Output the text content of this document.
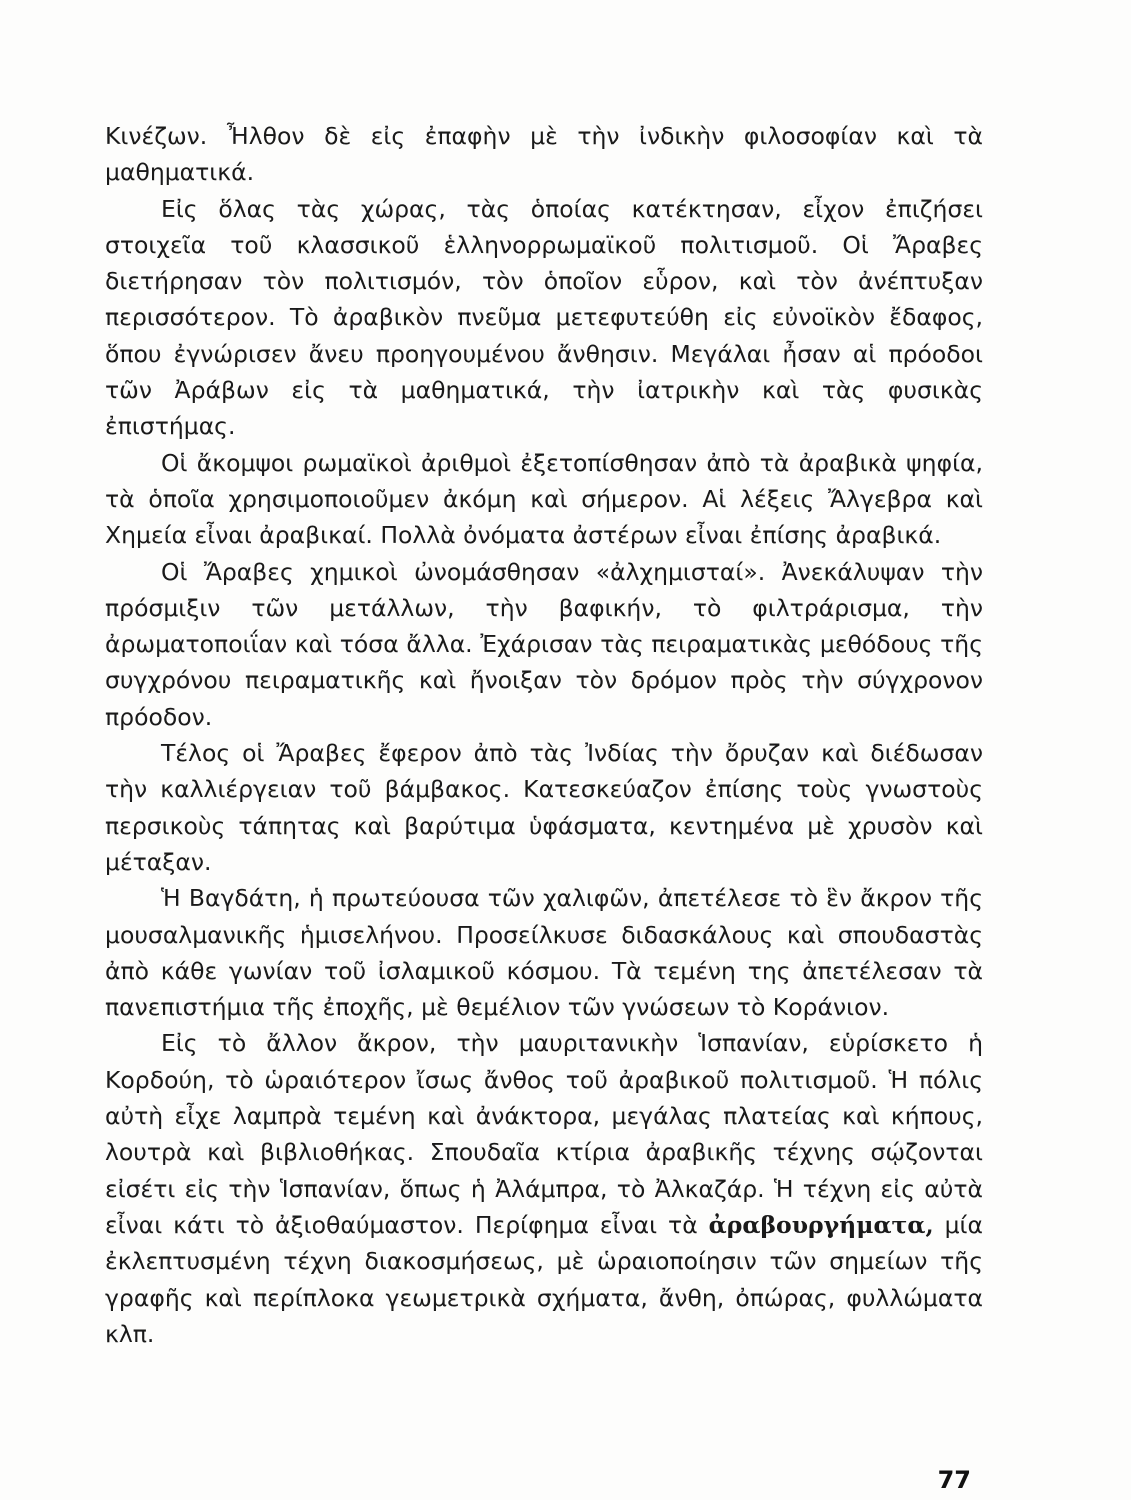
Κινέζων. Ἦλθον δὲ εἰς ἐπαφὴν μὲ τὴν ἰνδικὴν φιλοσοφίαν καὶ τὰ μαθηματικά.

Εἰς ὅλας τὰς χώρας, τὰς ὁποίας κατέκτησαν, εἶχον ἐπιζήσει στοιχεῖα τοῦ κλασσικοῦ ἑλληνορρωμαϊκοῦ πολιτισμοῦ. Οἱ Ἄραβες διετήρησαν τὸν πολιτισμόν, τὸν ὁποῖον εὗρον, καὶ τὸν ἀνέπτυξαν περισσότερον. Τὸ ἀραβικὸν πνεῦμα μετεφυτεύθη εἰς εὐνοϊκὸν ἔδαφος, ὅπου ἐγνώρισεν ἄνευ προηγουμένου ἄνθησιν. Μεγάλαι ἦσαν αἱ πρόοδοι τῶν Ἀράβων εἰς τὰ μαθηματικά, τὴν ἰατρικὴν καὶ τὰς φυσικὰς ἐπιστήμας.

Οἱ ἄκομψοι ρωμαϊκοὶ ἀριθμοὶ ἐξετοπίσθησαν ἀπὸ τὰ ἀραβικὰ ψηφία, τὰ ὁποῖα χρησιμοποιοῦμεν ἀκόμη καὶ σήμερον. Αἱ λέξεις Ἄλγεβρα καὶ Χημεία εἶναι ἀραβικαί. Πολλὰ ὀνόματα ἀστέρων εἶναι ἐπίσης ἀραβικά.

Οἱ Ἄραβες χημικοὶ ὠνομάσθησαν «ἀλχημισταί». Ἀνεκάλυψαν τὴν πρόσμιξιν τῶν μετάλλων, τὴν βαφικήν, τὸ φιλτράρισμα, τὴν ἀρωματοποιΐαν καὶ τόσα ἄλλα. Ἐχάρισαν τὰς πειραματικὰς μεθόδους τῆς συγχρόνου πειραματικῆς καὶ ἤνοιξαν τὸν δρόμον πρὸς τὴν σύγχρονον πρόοδον.

Τέλος οἱ Ἄραβες ἔφερον ἀπὸ τὰς Ἰνδίας τὴν ὄρυζαν καὶ διέδωσαν τὴν καλλιέργειαν τοῦ βάμβακος. Κατεσκεύαζον ἐπίσης τοὺς γνωστοὺς περσικοὺς τάπητας καὶ βαρύτιμα ὑφάσματα, κεντημένα μὲ χρυσὸν καὶ μέταξαν.

Ἡ Βαγδάτη, ἡ πρωτεύουσα τῶν χαλιφῶν, ἀπετέλεσε τὸ ἓν ἄκρον τῆς μουσαλμανικῆς ἡμισελήνου. Προσείλκυσε διδασκάλους καὶ σπουδαστὰς ἀπὸ κάθε γωνίαν τοῦ ἰσλαμικοῦ κόσμου. Τὰ τεμένη της ἀπετέλεσαν τὰ πανεπιστήμια τῆς ἐποχῆς, μὲ θεμέλιον τῶν γνώσεων τὸ Κοράνιον.

Εἰς τὸ ἄλλον ἄκρον, τὴν μαυριτανικὴν Ἱσπανίαν, εὑρίσκετο ἡ Κορδούη, τὸ ὡραιότερον ἴσως ἄνθος τοῦ ἀραβικοῦ πολιτισμοῦ. Ἡ πόλις αὐτὴ εἶχε λαμπρὰ τεμένη καὶ ἀνάκτορα, μεγάλας πλατείας καὶ κήπους, λουτρὰ καὶ βιβλιοθήκας. Σπουδαῖα κτίρια ἀραβικῆς τέχνης σῴζονται εἰσέτι εἰς τὴν Ἱσπανίαν, ὅπως ἡ Ἀλάμπρα, τὸ Ἀλκαζάρ. Ἡ τέχνη εἰς αὐτὰ εἶναι κάτι τὸ ἀξιοθαύμαστον. Περίφημα εἶναι τὰ ἀραβουργήματα, μία ἐκλεπτυσμένη τέχνη διακοσμήσεως, μὲ ὡραιοποίησιν τῶν σημείων τῆς γραφῆς καὶ περίπλοκα γεωμετρικὰ σχήματα, ἄνθη, ὀπώρας, φυλλώματα κλπ.

77
